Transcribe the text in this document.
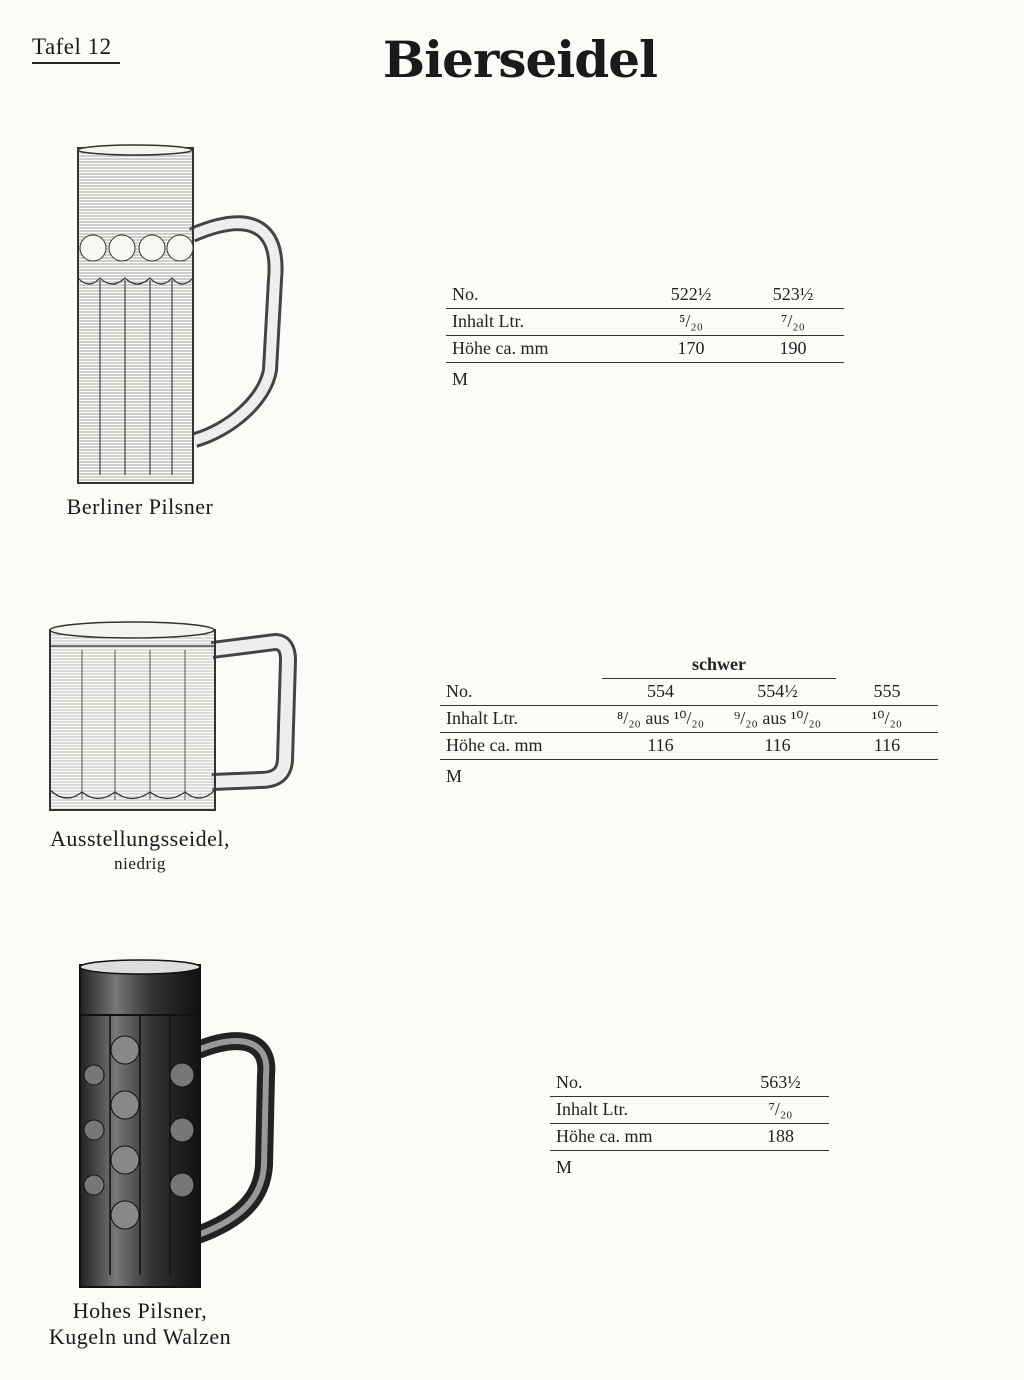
Tafel 12	Bierseidel
Berliner Pilsner
No.		522½	523½
Inhalt Ltr.		⁵/₂₀	⁷/₂₀
Höhe ca. mm		170	190
M			
Ausstellungsseidel,
niedrig
	schwer		
No.	554	554½	555
Inhalt Ltr.	⁸/₂₀ aus ¹⁰/₂₀	⁹/₂₀ aus ¹⁰/₂₀	¹⁰/₂₀
Höhe ca. mm	116	116	116
M			
Hohes Pilsner,
Kugeln und Walzen
No.	563½
Inhalt Ltr.	⁷/₂₀
Höhe ca. mm	188
M	
